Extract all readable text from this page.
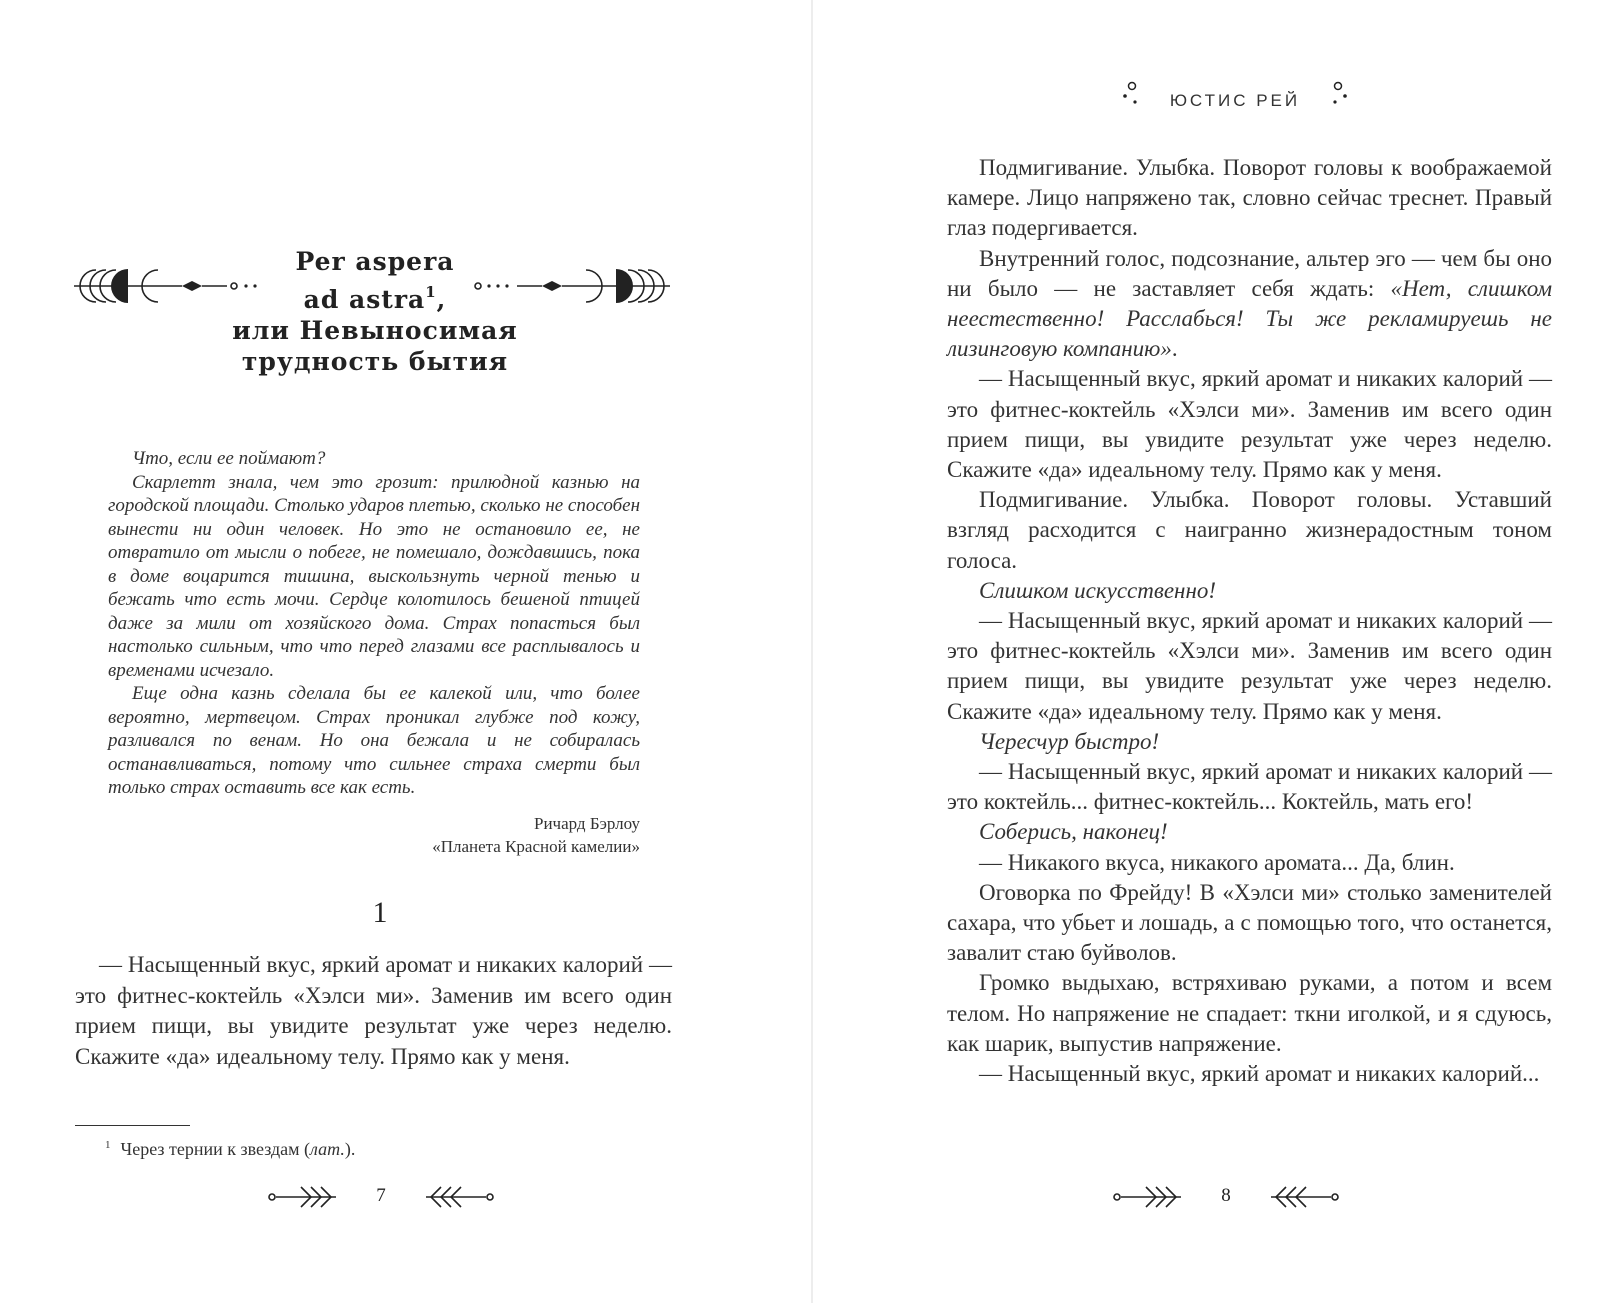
Per aspera
ad astra$^1$,
или Невыносимая
трудность бытия

Что, если ее поймают?

Скарлетт знала, чем это грозит: прилюдной казнью на городской площади. Столько ударов плетью, сколько не способен вынести ни один человек. Но это не остановило ее, не отвратило от мысли о побеге, не помешало, дождавшись, пока в доме воцарится тишина, выскользнуть черной тенью и бежать что есть мочи. Сердце колотилось бешеной птицей даже за мили от хозяйского дома. Страх попасться был настолько сильным, что что перед глазами все расплывалось и временами исчезало.

Еще одна казнь сделала бы ее калекой или, что более вероятно, мертвецом. Страх проникал глубже под кожу, разливался по венам. Но она бежала и не собиралась останавливаться, потому что сильнее страха смерти был только страх оставить все как есть.

Ричард Бэрлоу
«Планета Красной камелии»
1

— Насыщенный вкус, яркий аромат и никаких калорий — это фитнес-коктейль «Хэлси ми». Заменив им всего один прием пищи, вы увидите результат уже через неделю. Скажите «да» идеальному телу. Прямо как у меня.

$^1$ Через тернии к звездам (лат.).
7
ЮСТИС РЕЙ

Подмигивание. Улыбка. Поворот головы к воображаемой камере. Лицо напряжено так, словно сейчас треснет. Правый глаз подергивается.

Внутренний голос, подсознание, альтер эго — чем бы оно ни было — не заставляет себя ждать: «Нет, слишком неестественно! Расслабься! Ты же рекламируешь не лизинговую компанию».

— Насыщенный вкус, яркий аромат и никаких калорий — это фитнес-коктейль «Хэлси ми». Заменив им всего один прием пищи, вы увидите результат уже через неделю. Скажите «да» идеальному телу. Прямо как у меня.

Подмигивание. Улыбка. Поворот головы. Уставший взгляд расходится с наигранно жизнерадостным тоном голоса.

Слишком искусственно!

— Насыщенный вкус, яркий аромат и никаких калорий — это фитнес-коктейль «Хэлси ми». Заменив им всего один прием пищи, вы увидите результат уже через неделю. Скажите «да» идеальному телу. Прямо как у меня.

Чересчур быстро!

— Насыщенный вкус, яркий аромат и никаких калорий — это коктейль... фитнес-коктейль... Коктейль, мать его!

Соберись, наконец!

— Никакого вкуса, никакого аромата... Да, блин.

Оговорка по Фрейду! В «Хэлси ми» столько заменителей сахара, что убьет и лошадь, а с помощью того, что останется, завалит стаю буйволов.

Громко выдыхаю, встряхиваю руками, а потом и всем телом. Но напряжение не спадает: ткни иголкой, и я сдуюсь, как шарик, выпустив напряжение.

— Насыщенный вкус, яркий аромат и никаких калорий...

8
